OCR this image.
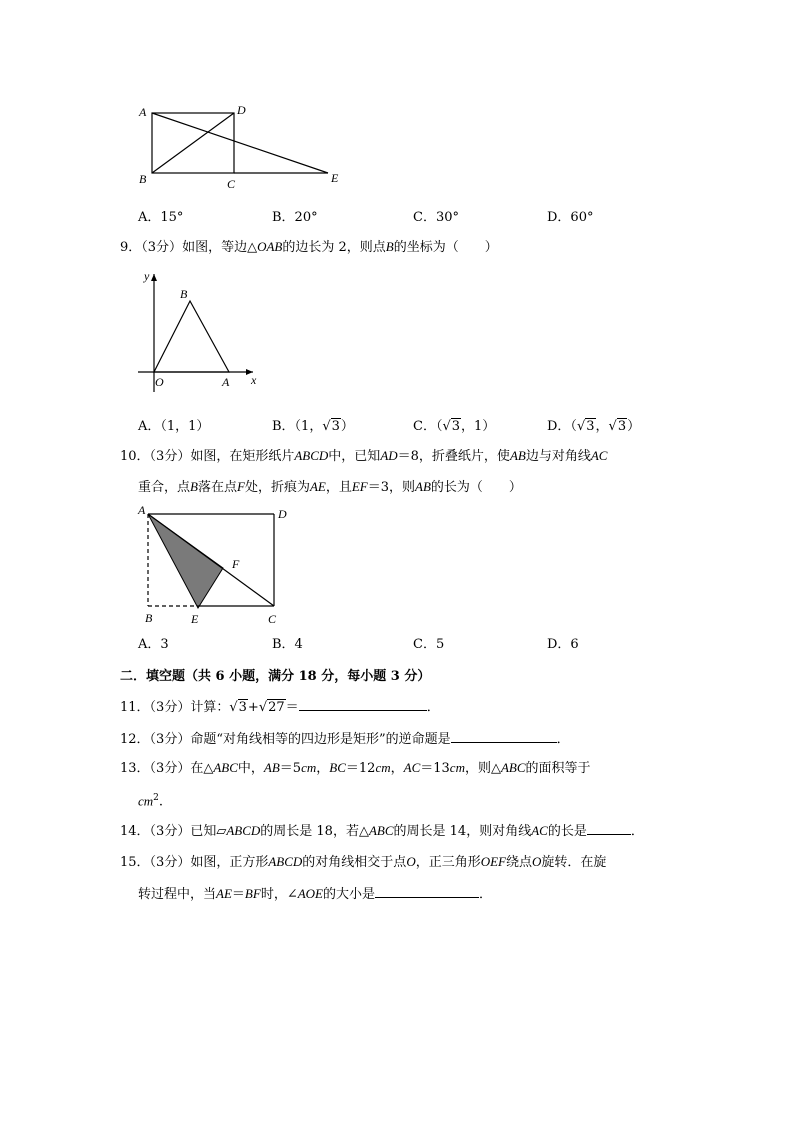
A	D
B	C	E
A．15°	B．20°	C．30°	D．60°
9．（3分）如图，等边△OAB的边长为 2，则点B的坐标为（　　）
y
B
O	A x
A．（1，1）	B．（1，√3）	C．（√3，1）	D．（√3，√3）
10．（3分）如图，在矩形纸片ABCD中，已知AD＝8，折叠纸片，使AB边与对角线AC
重合，点B落在点F处，折痕为AE，且EF＝3，则AB的长为（　　）
A	D
F
B	E	C
A．3	B．4	C．5	D．6
二．填空题（共 6 小题，满分 18 分，每小题 3 分）
11．（3分）计算：√3+√27＝	．
12．（3分）命题“对角线相等的四边形是矩形”的逆命题是	．
13．（3分）在△ABC中，AB＝5cm，BC＝12cm，AC＝13cm，则△ABC的面积等于
$cm^2$.
14．（3分）已知▱ABCD的周长是 18，若△ABC的周长是 14，则对角线AC的长是	．
15．（3分）如图，正方形ABCD的对角线相交于点O，正三角形OEF绕点O旋转．在旋
转过程中，当AE＝BF时，∠AOE的大小是	．
